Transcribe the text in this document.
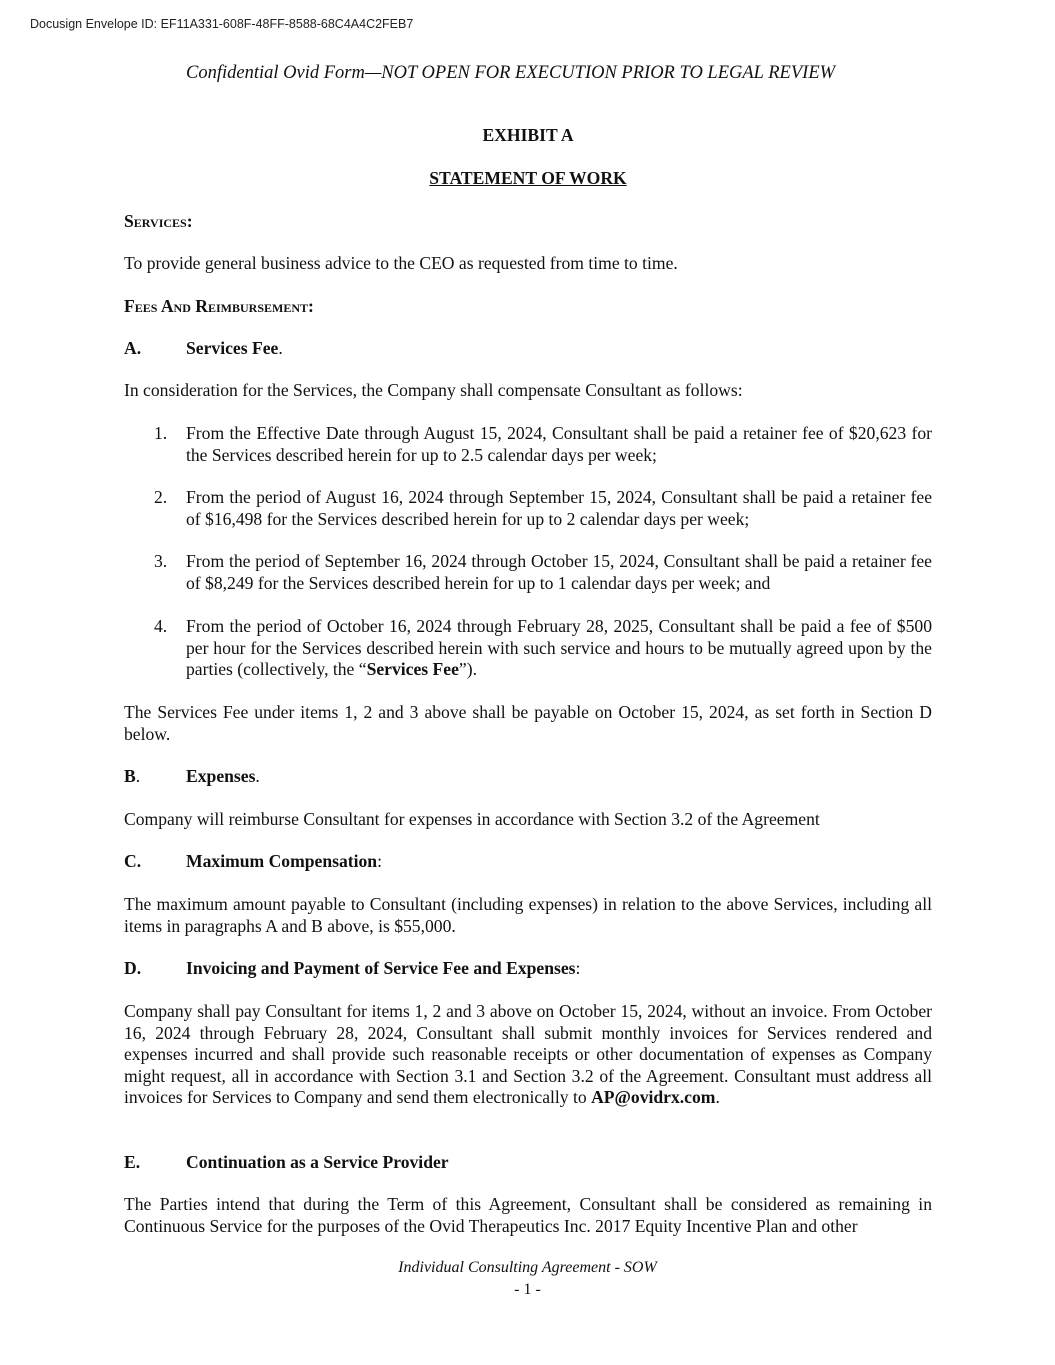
Docusign Envelope ID: EF11A331-608F-48FF-8588-68C4A4C2FEB7
Confidential Ovid Form—NOT OPEN FOR EXECUTION PRIOR TO LEGAL REVIEW
EXHIBIT A
STATEMENT OF WORK
Services:
To provide general business advice to the CEO as requested from time to time.
Fees And Reimbursement:
A.	Services Fee.
In consideration for the Services, the Company shall compensate Consultant as follows:
1. From the Effective Date through August 15, 2024, Consultant shall be paid a retainer fee of $20,623 for the Services described herein for up to 2.5 calendar days per week;
2. From the period of August 16, 2024 through September 15, 2024, Consultant shall be paid a retainer fee of $16,498 for the Services described herein for up to 2 calendar days per week;
3. From the period of September 16, 2024 through October 15, 2024, Consultant shall be paid a retainer fee of $8,249 for the Services described herein for up to 1 calendar days per week; and
4. From the period of October 16, 2024 through February 28, 2025, Consultant shall be paid a fee of $500 per hour for the Services described herein with such service and hours to be mutually agreed upon by the parties (collectively, the “Services Fee”).
The Services Fee under items 1, 2 and 3 above shall be payable on October 15, 2024, as set forth in Section D below.
B.	Expenses.
Company will reimburse Consultant for expenses in accordance with Section 3.2 of the Agreement
C.	Maximum Compensation:
The maximum amount payable to Consultant (including expenses) in relation to the above Services, including all items in paragraphs A and B above, is $55,000.
D.	Invoicing and Payment of Service Fee and Expenses:
Company shall pay Consultant for items 1, 2 and 3 above on October 15, 2024, without an invoice. From October 16, 2024 through February 28, 2024, Consultant shall submit monthly invoices for Services rendered and expenses incurred and shall provide such reasonable receipts or other documentation of expenses as Company might request, all in accordance with Section 3.1 and Section 3.2 of the Agreement. Consultant must address all invoices for Services to Company and send them electronically to AP@ovidrx.com.
E.	Continuation as a Service Provider
The Parties intend that during the Term of this Agreement, Consultant shall be considered as remaining in Continuous Service for the purposes of the Ovid Therapeutics Inc. 2017 Equity Incentive Plan and other
Individual Consulting Agreement - SOW
- 1 -
